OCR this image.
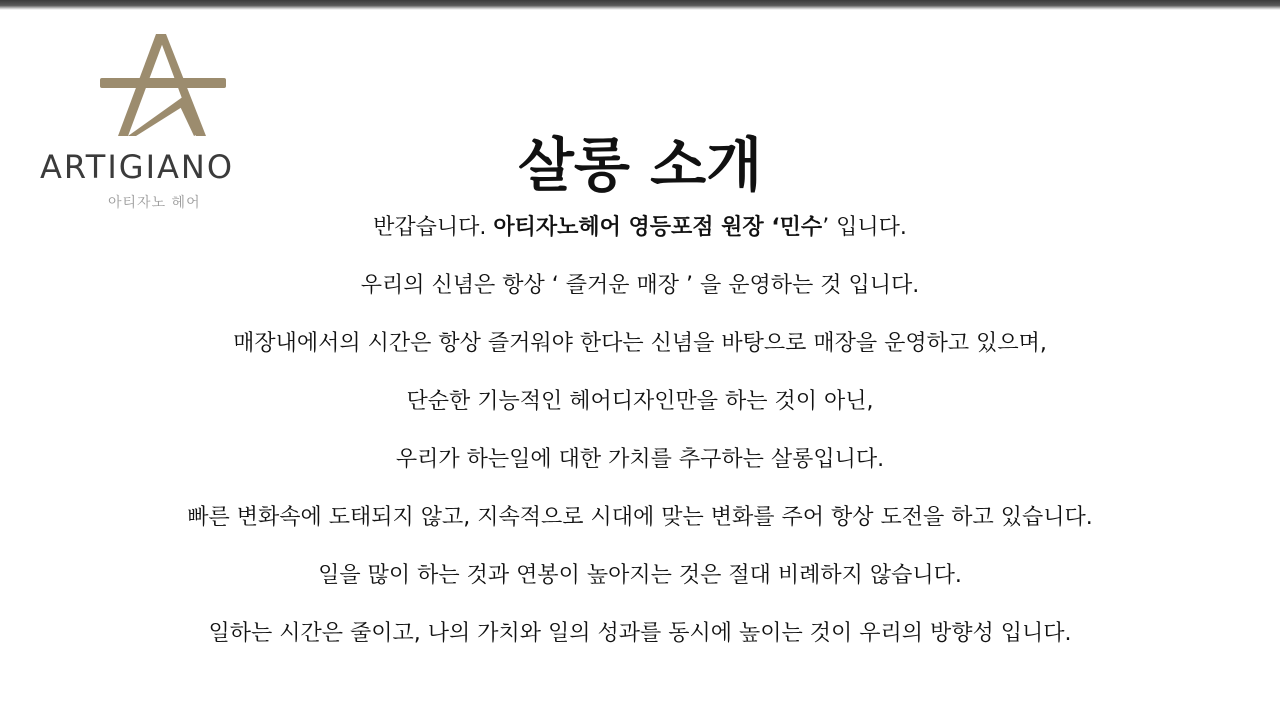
ARTIGIANO
아티자노 헤어
살롱 소개
반갑습니다. 아티자노헤어 영등포점 원장 ‘민수’ 입니다.
우리의 신념은 항상 ‘ 즐거운 매장 ’ 을 운영하는 것 입니다.
매장내에서의 시간은 항상 즐거워야 한다는 신념을 바탕으로 매장을 운영하고 있으며,
단순한 기능적인 헤어디자인만을 하는 것이 아닌,
우리가 하는일에 대한 가치를 추구하는 살롱입니다.
빠른 변화속에 도태되지 않고, 지속적으로 시대에 맞는 변화를 주어 항상 도전을 하고 있습니다.
일을 많이 하는 것과 연봉이 높아지는 것은 절대 비례하지 않습니다.
일하는 시간은 줄이고, 나의 가치와 일의 성과를 동시에 높이는 것이 우리의 방향성 입니다.
